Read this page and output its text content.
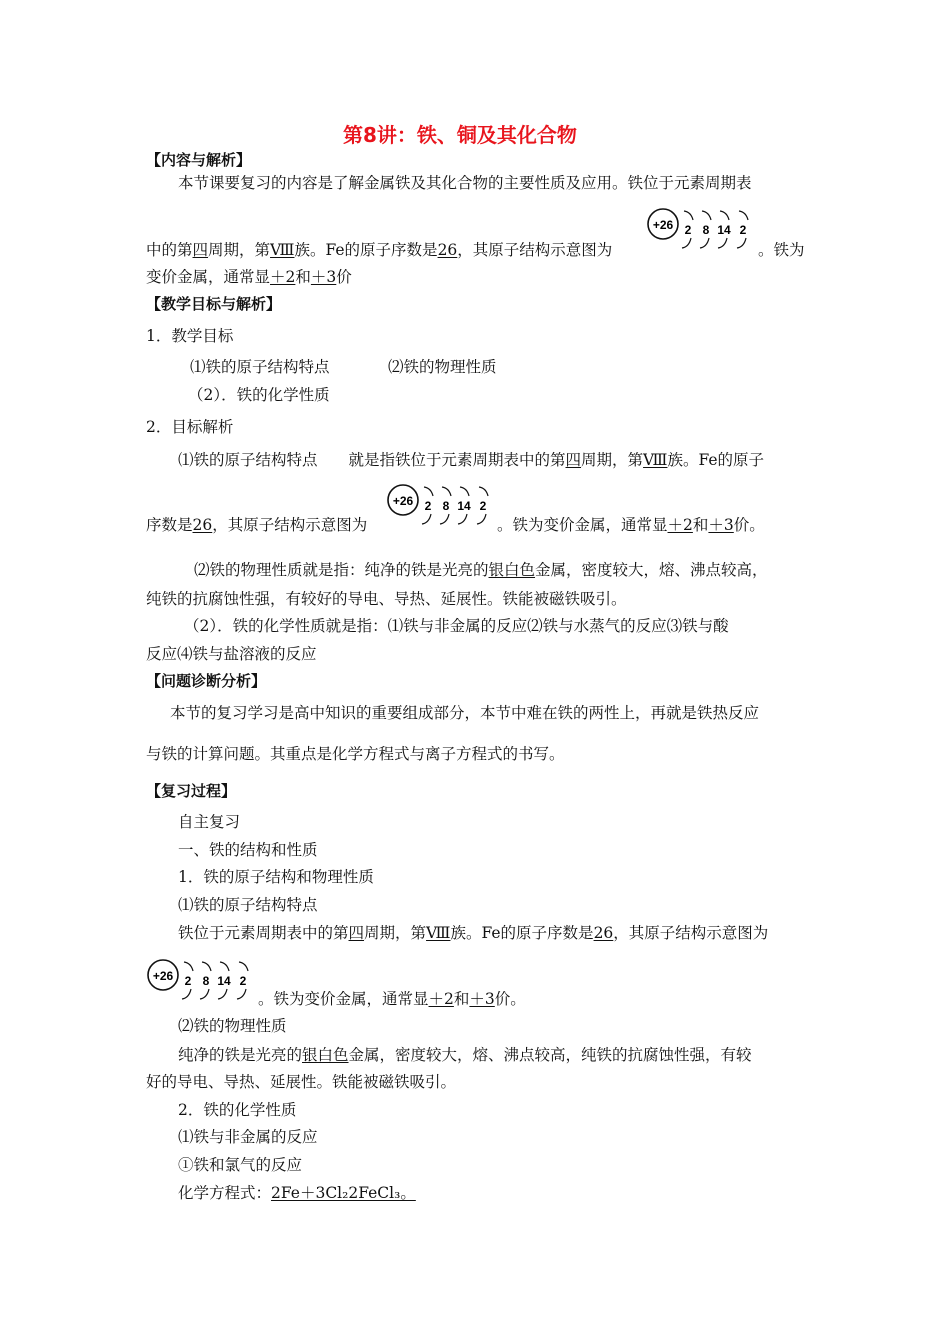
第8讲：铁、铜及其化合物
【内容与解析】
本节课要复习的内容是了解金属铁及其化合物的主要性质及应用。铁位于元素周期表
中的第四周期，第Ⅷ族。Fe的原子序数是26，其原子结构示意图为
+26 2 8 14 2
。铁为
变价金属，通常显＋2和＋3价
【教学目标与解析】
1．教学目标
⑴铁的原子结构特点	⑵铁的物理性质
（2）．铁的化学性质
2．目标解析
⑴铁的原子结构特点　　就是指铁位于元素周期表中的第四周期，第Ⅷ族。Fe的原子
序数是26，其原子结构示意图为
+26 2 8 14 2
。铁为变价金属，通常显＋2和＋3价。
⑵铁的物理性质就是指：纯净的铁是光亮的银白色金属，密度较大，熔、沸点较高，
纯铁的抗腐蚀性强，有较好的导电、导热、延展性。铁能被磁铁吸引。
（2）．铁的化学性质就是指：⑴铁与非金属的反应⑵铁与水蒸气的反应⑶铁与酸
反应⑷铁与盐溶液的反应
【问题诊断分析】
本节的复习学习是高中知识的重要组成部分，本节中难在铁的两性上，再就是铁热反应
与铁的计算问题。其重点是化学方程式与离子方程式的书写。
【复习过程】
自主复习
一、铁的结构和性质
1．铁的原子结构和物理性质
⑴铁的原子结构特点
铁位于元素周期表中的第四周期，第Ⅷ族。Fe的原子序数是26，其原子结构示意图为
+26 2 8 14 2
。铁为变价金属，通常显＋2和＋3价。
⑵铁的物理性质
纯净的铁是光亮的银白色金属，密度较大，熔、沸点较高，纯铁的抗腐蚀性强，有较
好的导电、导热、延展性。铁能被磁铁吸引。
2．铁的化学性质
⑴铁与非金属的反应
①铁和氯气的反应
化学方程式：2Fe＋3Cl₂2FeCl₃。
